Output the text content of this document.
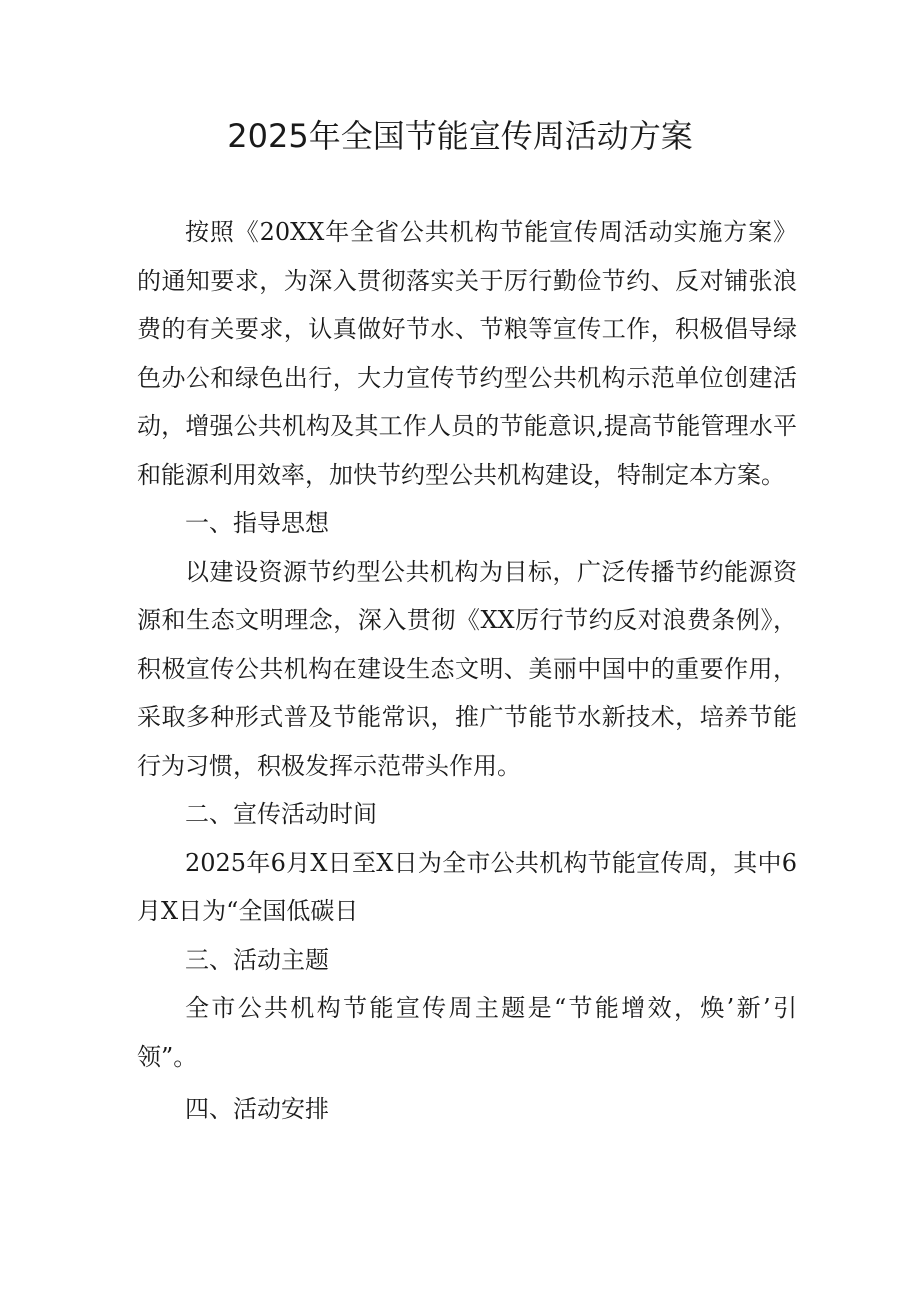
2025年全国节能宣传周活动方案

按照《20XX年全省公共机构节能宣传周活动实施方案》的通知要求，为深入贯彻落实关于厉行勤俭节约、反对铺张浪费的有关要求，认真做好节水、节粮等宣传工作，积极倡导绿色办公和绿色出行，大力宣传节约型公共机构示范单位创建活动，增强公共机构及其工作人员的节能意识,提高节能管理水平和能源利用效率，加快节约型公共机构建设，特制定本方案。

一、指导思想

以建设资源节约型公共机构为目标，广泛传播节约能源资源和生态文明理念，深入贯彻《XX厉行节约反对浪费条例》，积极宣传公共机构在建设生态文明、美丽中国中的重要作用，采取多种形式普及节能常识，推广节能节水新技术，培养节能行为习惯，积极发挥示范带头作用。

二、宣传活动时间

2025年6月X日至X日为全市公共机构节能宣传周，其中6月X日为“全国低碳日

三、活动主题

全市公共机构节能宣传周主题是“节能增效，焕’新’引领”。

四、活动安排
